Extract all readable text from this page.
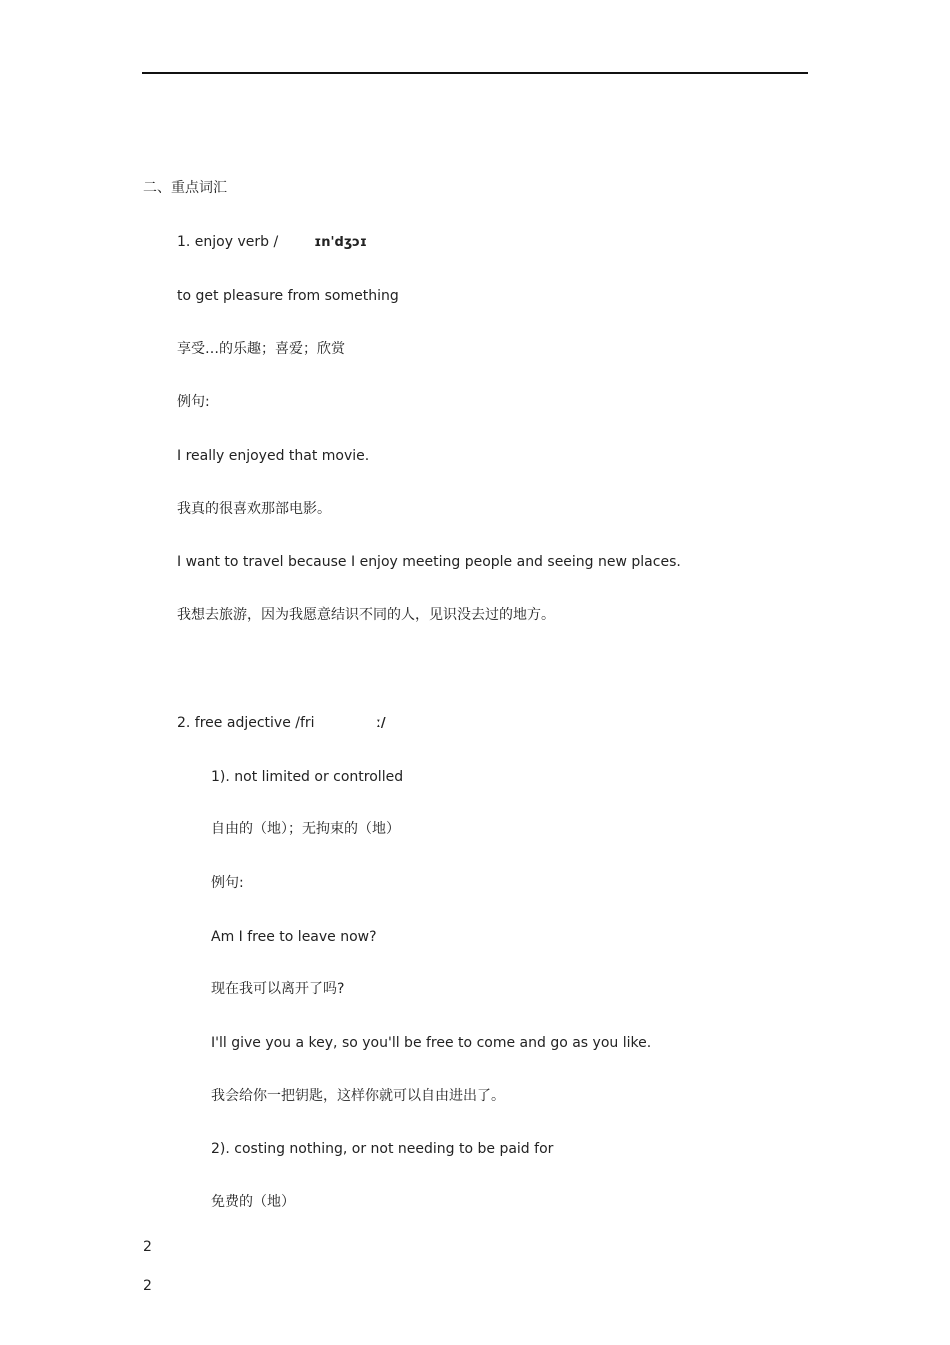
二、重点词汇
1. enjoy verb /	ɪn'dʒɔɪ
to get pleasure from something
享受…的乐趣；喜爱；欣赏
例句:
I really enjoyed that movie.
我真的很喜欢那部电影。
I want to travel because I enjoy meeting people and seeing new places.
我想去旅游，因为我愿意结识不同的人，见识没去过的地方。
2. free adjective /fri	ː/
1). not limited or controlled
自由的（地）；无拘束的（地）
例句:
Am I free to leave now?
现在我可以离开了吗?
I'll give you a key, so you'll be free to come and go as you like.
我会给你一把钥匙，这样你就可以自由进出了。
2). costing nothing, or not needing to be paid for
免费的（地）
2
2
